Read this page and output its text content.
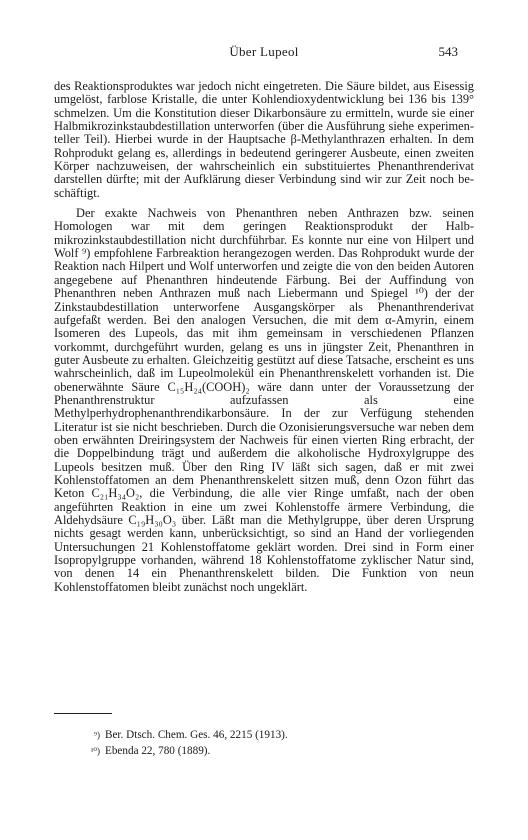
Über Lupeol	543

des Reaktionsproduktes war jedoch nicht eingetreten. Die Säure bildet, aus Eisessig umgelöst, farblose Kristalle, die unter Kohlendioxydentwicklung bei 136 bis 139° schmelzen. Um die Konstitution dieser Dikarbonsäure zu ermitteln, wurde sie einer Halbmikrozinkstaubdestillation unterworfen (über die Ausführung siehe experimenteller Teil). Hierbei wurde in der Hauptsache β-Methylanthrazen erhalten. In dem Rohprodukt gelang es, allerdings in bedeutend geringerer Ausbeute, einen zweiten Körper nachzuweisen, der wahrscheinlich ein substituiertes Phenanthrenderivat darstellen dürfte; mit der Aufklärung dieser Verbindung sind wir zur Zeit noch beschäftigt.

Der exakte Nachweis von Phenanthren neben Anthrazen bzw. seinen Homologen war mit dem geringen Reaktionsprodukt der Halbmikrozinkstaubdestillation nicht durchführbar. Es konnte nur eine von Hilpert und Wolf ⁹) empfohlene Farbreaktion herangezogen werden. Das Rohprodukt wurde der Reaktion nach Hilpert und Wolf unterworfen und zeigte die von den beiden Autoren angegebene auf Phenanthren hindeutende Färbung. Bei der Auffindung von Phenanthren neben Anthrazen muß nach Liebermann und Spiegel ¹⁰) der der Zinkstaubdestillation unterworfene Ausgangskörper als Phenanthrenderivat aufgefaßt werden. Bei den analogen Versuchen, die mit dem α-Amyrin, einem Isomeren des Lupeols, das mit ihm gemeinsam in verschiedenen Pflanzen vorkommt, durchgeführt wurden, gelang es uns in jüngster Zeit, Phenanthren in guter Ausbeute zu erhalten. Gleichzeitig gestützt auf diese Tatsache, erscheint es uns wahrscheinlich, daß im Lupeolmolekül ein Phenanthrenskelett vorhanden ist. Die obenerwähnte Säure C₁₅H₂₄(COOH)₂ wäre dann unter der Voraussetzung der Phenanthrenstruktur aufzufassen als eine Methylperhydrophenanthrendikarbonsäure. In der zur Verfügung stehenden Literatur ist sie nicht beschrieben. Durch die Ozonisierungsversuche war neben dem oben erwähnten Dreiringsystem der Nachweis für einen vierten Ring erbracht, der die Doppelbindung trägt und außerdem die alkoholische Hydroxylgruppe des Lupeols besitzen muß. Über den Ring IV läßt sich sagen, daß er mit zwei Kohlenstoffatomen an dem Phenanthrenskelett sitzen muß, denn Ozon führt das Keton C₂₁H₃₄O₂, die Verbindung, die alle vier Ringe umfaßt, nach der oben angeführten Reaktion in eine um zwei Kohlenstoffe ärmere Verbindung, die Aldehydsäure C₁₉H₃₀O₃ über. Läßt man die Methylgruppe, über deren Ursprung nichts gesagt werden kann, unberücksichtigt, so sind an Hand der vorliegenden Untersuchungen 21 Kohlenstoffatome geklärt worden. Drei sind in Form einer Isopropylgruppe vorhanden, während 18 Kohlenstoffatome zyklischer Natur sind, von denen 14 ein Phenanthrenskelett bilden. Die Funktion von neun Kohlenstoffatomen bleibt zunächst noch ungeklärt.

⁹) Ber. Dtsch. Chem. Ges. 46, 2215 (1913).
¹⁰) Ebenda 22, 780 (1889).
